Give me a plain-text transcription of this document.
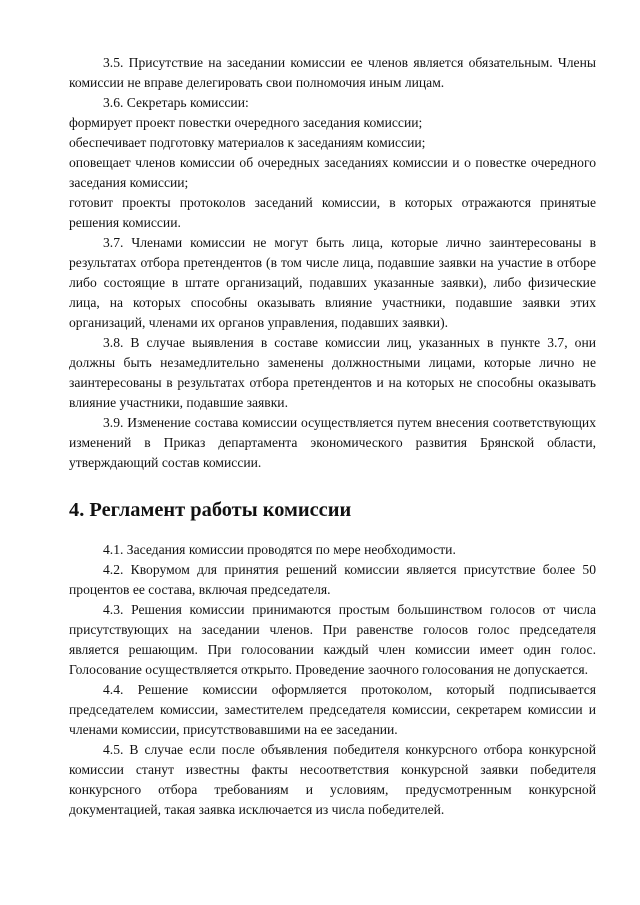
3.5. Присутствие на заседании комиссии ее членов является обязательным. Члены комиссии не вправе делегировать свои полномочия иным лицам.

3.6. Секретарь комиссии:

формирует проект повестки очередного заседания комиссии;

обеспечивает подготовку материалов к заседаниям комиссии;

оповещает членов комиссии об очередных заседаниях комиссии и о повестке очередного заседания комиссии;

готовит проекты протоколов заседаний комиссии, в которых отражаются принятые решения комиссии.

3.7. Членами комиссии не могут быть лица, которые лично заинтересованы в результатах отбора претендентов (в том числе лица, подавшие заявки на участие в отборе либо состоящие в штате организаций, подавших указанные заявки), либо физические лица, на которых способны оказывать влияние участники, подавшие заявки этих организаций, членами их органов управления, подавших заявки).

3.8. В случае выявления в составе комиссии лиц, указанных в пункте 3.7, они должны быть незамедлительно заменены должностными лицами, которые лично не заинтересованы в результатах отбора претендентов и на которых не способны оказывать влияние участники, подавшие заявки.

3.9. Изменение состава комиссии осуществляется путем внесения соответствующих изменений в Приказ департамента экономического развития Брянской области, утверждающий состав комиссии.

4. Регламент работы комиссии

4.1. Заседания комиссии проводятся по мере необходимости.

4.2. Кворумом для принятия решений комиссии является присутствие более 50 процентов ее состава, включая председателя.

4.3. Решения комиссии принимаются простым большинством голосов от числа присутствующих на заседании членов. При равенстве голосов голос председателя является решающим. При голосовании каждый член комиссии имеет один голос. Голосование осуществляется открыто. Проведение заочного голосования не допускается.

4.4. Решение комиссии оформляется протоколом, который подписывается председателем комиссии, заместителем председателя комиссии, секретарем комиссии и членами комиссии, присутствовавшими на ее заседании.

4.5. В случае если после объявления победителя конкурсного отбора конкурсной комиссии станут известны факты несоответствия конкурсной заявки победителя конкурсного отбора требованиям и условиям, предусмотренным конкурсной документацией, такая заявка исключается из числа победителей.
